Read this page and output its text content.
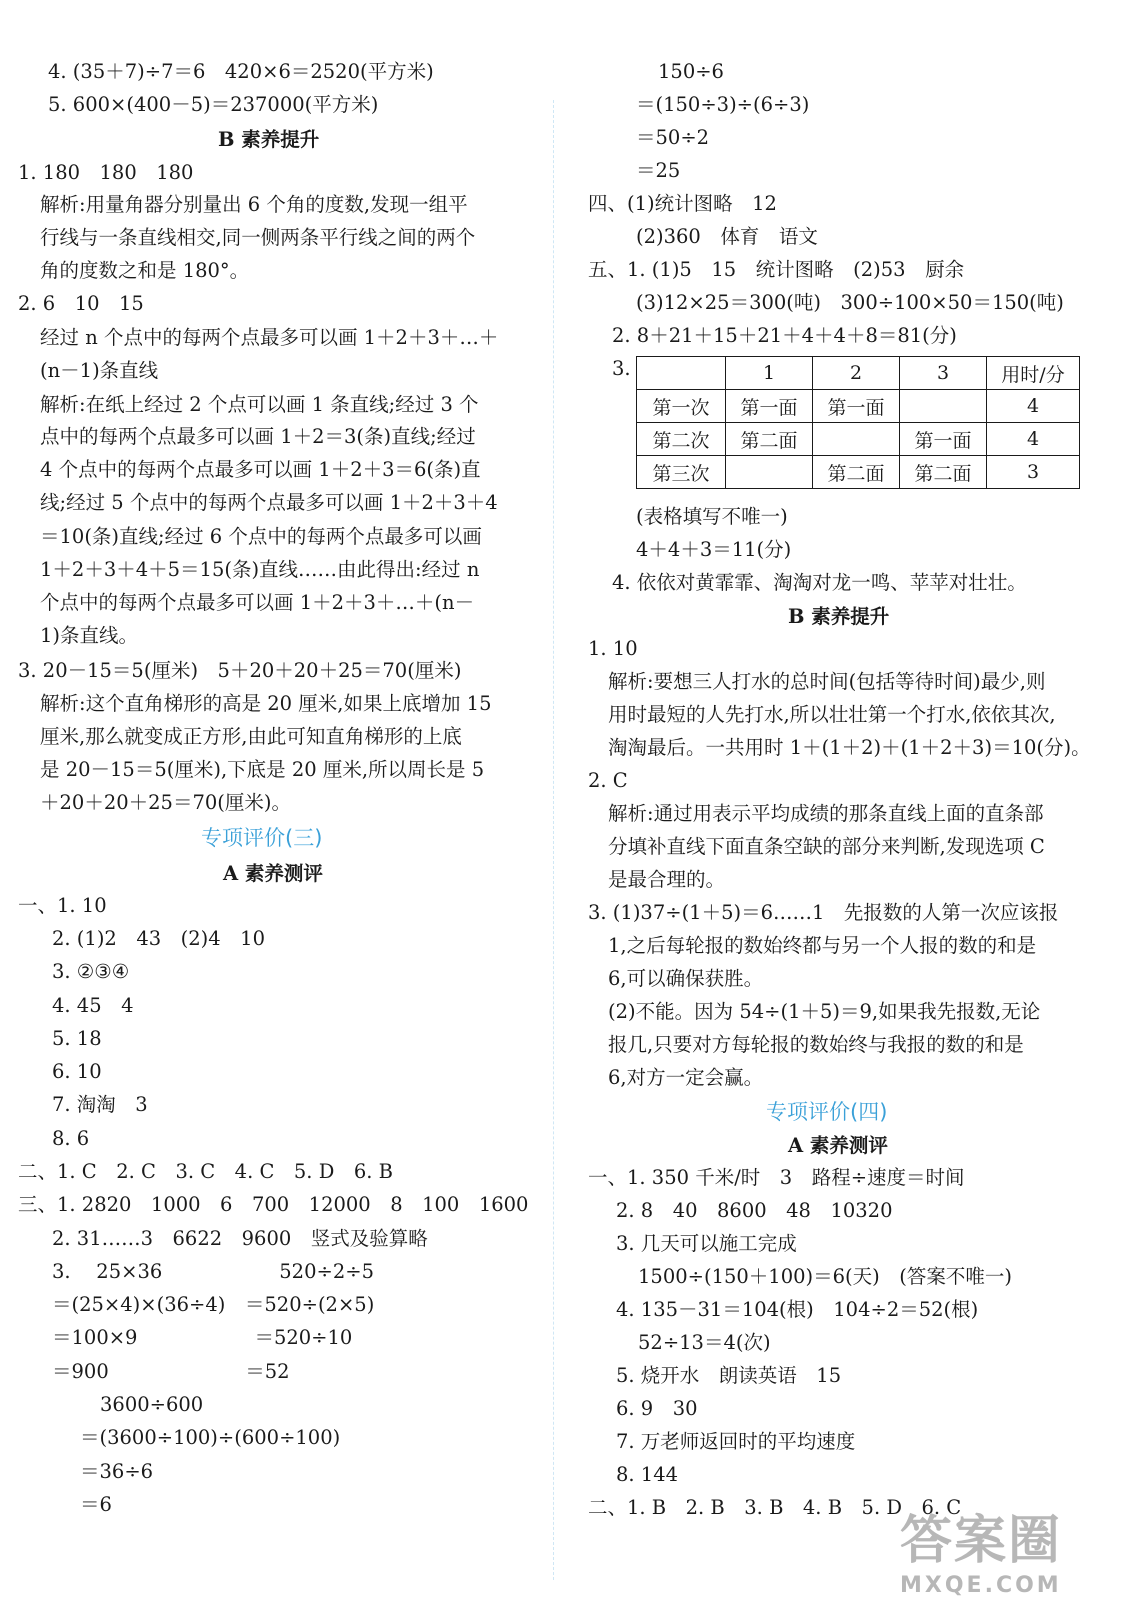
4. (35＋7)÷7＝6　420×6＝2520(平方米)
5. 600×(400－5)＝237000(平方米)
B 素养提升
1. 180　180　180
解析:用量角器分别量出 6 个角的度数,发现一组平
行线与一条直线相交,同一侧两条平行线之间的两个
角的度数之和是 180°。
2. 6　10　15
经过 n 个点中的每两个点最多可以画 1＋2＋3＋…＋
(n－1)条直线
解析:在纸上经过 2 个点可以画 1 条直线;经过 3 个
点中的每两个点最多可以画 1＋2＝3(条)直线;经过
4 个点中的每两个点最多可以画 1＋2＋3＝6(条)直
线;经过 5 个点中的每两个点最多可以画 1＋2＋3＋4
＝10(条)直线;经过 6 个点中的每两个点最多可以画
1＋2＋3＋4＋5＝15(条)直线……由此得出:经过 n
个点中的每两个点最多可以画 1＋2＋3＋…＋(n－
1)条直线。
3. 20－15＝5(厘米)　5＋20＋20＋25＝70(厘米)
解析:这个直角梯形的高是 20 厘米,如果上底增加 15
厘米,那么就变成正方形,由此可知直角梯形的上底
是 20－15＝5(厘米),下底是 20 厘米,所以周长是 5
＋20＋20＋25＝70(厘米)。
专项评价(三)
A 素养测评
一、1. 10
2. (1)2　43　(2)4　10
3. ②③④
4. 45　4
5. 18
6. 10
7. 淘淘　3
8. 6
二、1. C　2. C　3. C　4. C　5. D　6. B
三、1. 2820　1000　6　700　12000　8　100　1600
2. 31……3　6622　9600　竖式及验算略
3. 　25×36　　　　　　520÷2÷5
＝(25×4)×(36÷4)　＝520÷(2×5)
＝100×9　　　　　　＝520÷10
＝900　　　　　　　＝52
3600÷600
＝(3600÷100)÷(600÷100)
＝36÷6
＝6
150÷6
＝(150÷3)÷(6÷3)
＝50÷2
＝25
四、(1)统计图略　12
(2)360　体育　语文
五、1. (1)5　15　统计图略　(2)53　厨余
(3)12×25＝300(吨)　300÷100×50＝150(吨)
2. 8＋21＋15＋21＋4＋4＋8＝81(分)
3.
		1	2	3	用时/分
第一次	第一面	第一面		4
第二次	第二面		第一面	4
第三次		第二面	第二面	3
(表格填写不唯一)
4＋4＋3＝11(分)
4. 依依对黄霏霏、淘淘对龙一鸣、苹苹对壮壮。
B 素养提升
1. 10
解析:要想三人打水的总时间(包括等待时间)最少,则
用时最短的人先打水,所以壮壮第一个打水,依依其次,
淘淘最后。一共用时 1＋(1＋2)＋(1＋2＋3)＝10(分)。
2. C
解析:通过用表示平均成绩的那条直线上面的直条部
分填补直线下面直条空缺的部分来判断,发现选项 C
是最合理的。
3. (1)37÷(1＋5)＝6……1　先报数的人第一次应该报
1,之后每轮报的数始终都与另一个人报的数的和是
6,可以确保获胜。
(2)不能。因为 54÷(1＋5)＝9,如果我先报数,无论
报几,只要对方每轮报的数始终与我报的数的和是
6,对方一定会赢。
专项评价(四)
A 素养测评
一、1. 350 千米/时　3　路程÷速度＝时间
2. 8　40　8600　48　10320
3. 几天可以施工完成
1500÷(150＋100)＝6(天)　(答案不唯一)
4. 135－31＝104(根)　104÷2＝52(根)
52÷13＝4(次)
5. 烧开水　朗读英语　15
6. 9　30
7. 万老师返回时的平均速度
8. 144
二、1. B　2. B　3. B　4. B　5. D　6. C
答案圈
MXQE.COM
